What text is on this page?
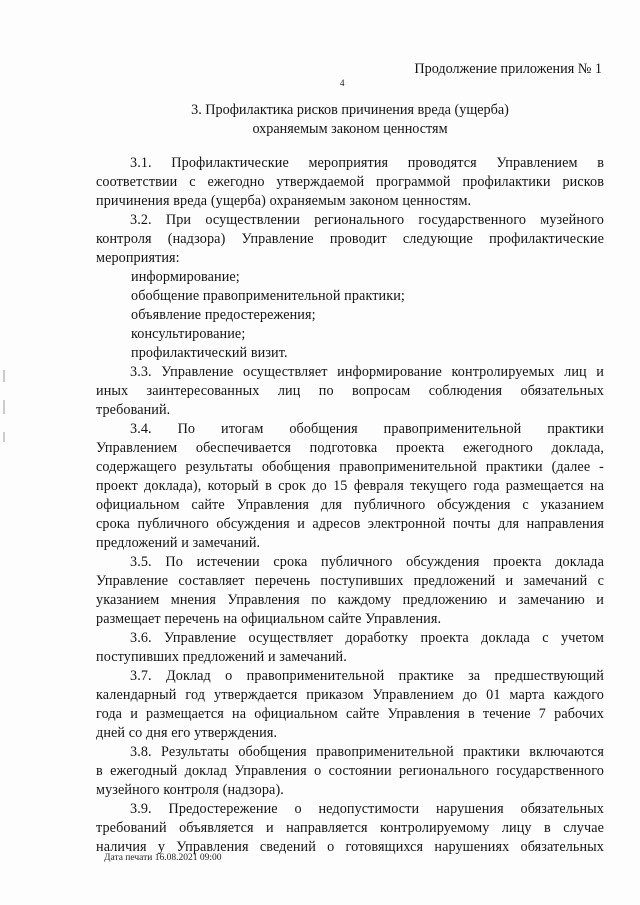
Продолжение приложения № 1
4
3. Профилактика рисков причинения вреда (ущерба)
охраняемым законом ценностям
3.1. Профилактические мероприятия проводятся Управлением в
соответствии с ежегодно утверждаемой программой профилактики рисков
причинения вреда (ущерба) охраняемым законом ценностям.
3.2. При осуществлении регионального государственного музейного
контроля (надзора) Управление проводит следующие профилактические
мероприятия:
информирование;
обобщение правоприменительной практики;
объявление предостережения;
консультирование;
профилактический визит.
3.3. Управление осуществляет информирование контролируемых лиц и
иных заинтересованных лиц по вопросам соблюдения обязательных
требований.
3.4. По итогам обобщения правоприменительной практики
Управлением обеспечивается подготовка проекта ежегодного доклада,
содержащего результаты обобщения правоприменительной практики (далее -
проект доклада), который в срок до 15 февраля текущего года размещается на
официальном сайте Управления для публичного обсуждения с указанием
срока публичного обсуждения и адресов электронной почты для направления
предложений и замечаний.
3.5. По истечении срока публичного обсуждения проекта доклада
Управление составляет перечень поступивших предложений и замечаний с
указанием мнения Управления по каждому предложению и замечанию и
размещает перечень на официальном сайте Управления.
3.6. Управление осуществляет доработку проекта доклада с учетом
поступивших предложений и замечаний.
3.7. Доклад о правоприменительной практике за предшествующий
календарный год утверждается приказом Управлением до 01 марта каждого
года и размещается на официальном сайте Управления в течение 7 рабочих
дней со дня его утверждения.
3.8. Результаты обобщения правоприменительной практики включаются
в ежегодный доклад Управления о состоянии регионального государственного
музейного контроля (надзора).
3.9. Предостережение о недопустимости нарушения обязательных
требований объявляется и направляется контролируемому лицу в случае
наличия у Управления сведений о готовящихся нарушениях обязательных
Дата печати 16.08.2021 09:00
